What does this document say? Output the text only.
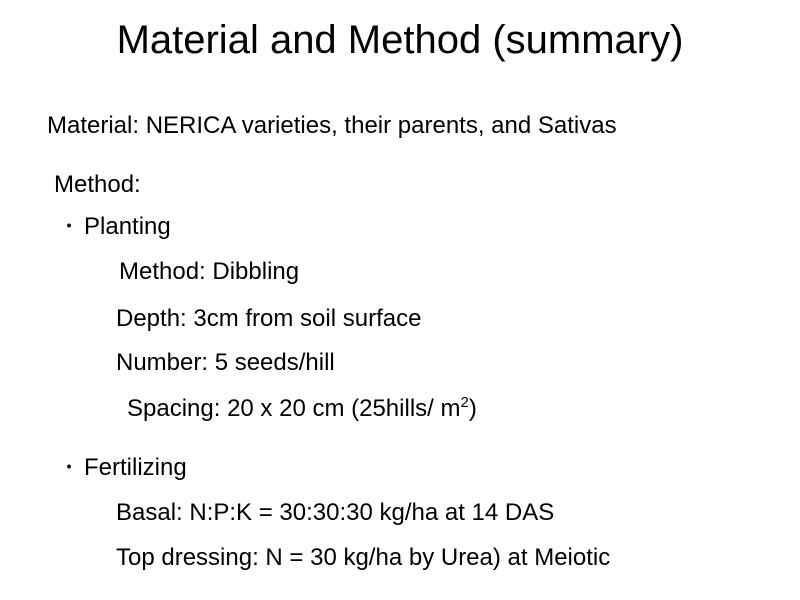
Material and Method (summary)
Material: NERICA varieties, their parents, and Sativas
Method:
・ Planting
Method: Dibbling
Depth: 3cm from soil surface
Number: 5 seeds/hill
Spacing: 20 x 20 cm (25hills/ $m^2$)
・ Fertilizing
Basal: N:P:K = 30:30:30 kg/ha at 14 DAS
Top dressing: N = 30 kg/ha by Urea) at Meiotic
